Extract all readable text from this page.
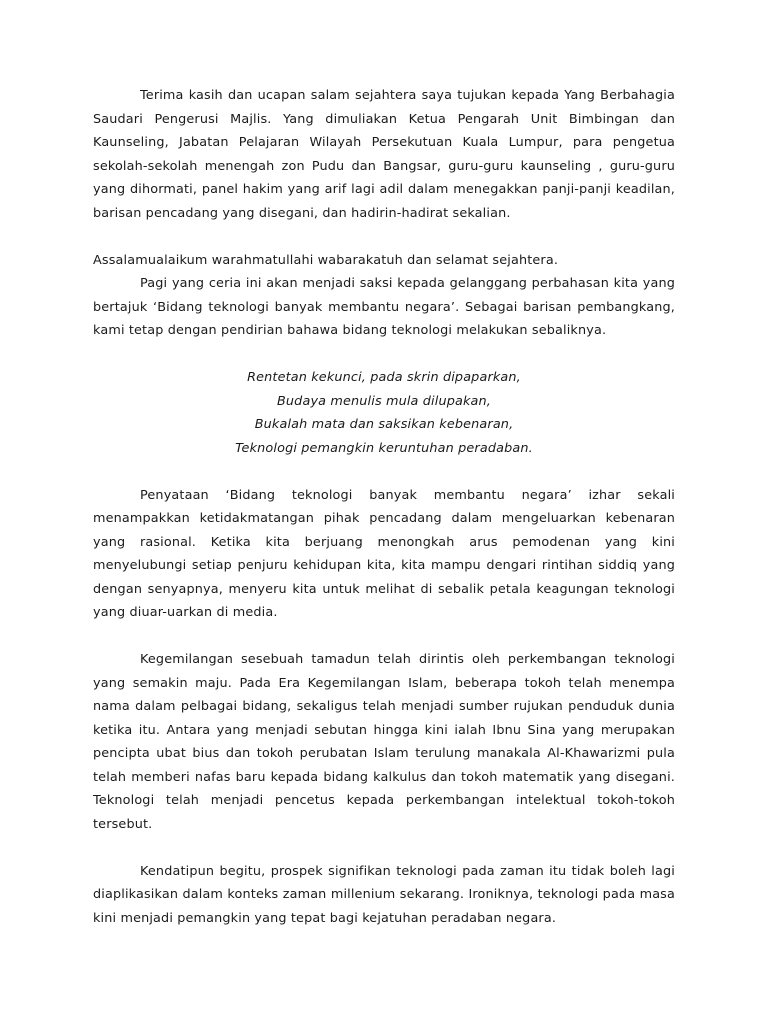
Terima kasih dan ucapan salam sejahtera saya tujukan kepada Yang Berbahagia Saudari Pengerusi Majlis. Yang dimuliakan Ketua Pengarah Unit Bimbingan dan Kaunseling, Jabatan Pelajaran Wilayah Persekutuan Kuala Lumpur, para pengetua sekolah-sekolah menengah zon Pudu dan Bangsar, guru-guru kaunseling , guru-guru yang dihormati, panel hakim yang arif lagi adil dalam menegakkan panji-panji keadilan, barisan pencadang yang disegani, dan hadirin-hadirat sekalian.

Assalamualaikum warahmatullahi wabarakatuh dan selamat sejahtera.

Pagi yang ceria ini akan menjadi saksi kepada gelanggang perbahasan kita yang bertajuk ‘Bidang teknologi banyak membantu negara’. Sebagai barisan pembangkang, kami tetap dengan pendirian bahawa bidang teknologi melakukan sebaliknya.

Rentetan kekunci, pada skrin dipaparkan,
Budaya menulis mula dilupakan,
Bukalah mata dan saksikan kebenaran,
Teknologi pemangkin keruntuhan peradaban.

Penyataan ‘Bidang teknologi banyak membantu negara’ izhar sekali menampakkan ketidakmatangan pihak pencadang dalam mengeluarkan kebenaran yang rasional. Ketika kita berjuang menongkah arus pemodenan yang kini menyelubungi setiap penjuru kehidupan kita, kita mampu dengari rintihan siddiq yang dengan senyapnya, menyeru kita untuk melihat di sebalik petala keagungan teknologi yang diuar-uarkan di media.

Kegemilangan sesebuah tamadun telah dirintis oleh perkembangan teknologi yang semakin maju. Pada Era Kegemilangan Islam, beberapa tokoh telah menempa nama dalam pelbagai bidang, sekaligus telah menjadi sumber rujukan penduduk dunia ketika itu. Antara yang menjadi sebutan hingga kini ialah Ibnu Sina yang merupakan pencipta ubat bius dan tokoh perubatan Islam terulung manakala Al-Khawarizmi pula telah memberi nafas baru kepada bidang kalkulus dan tokoh matematik yang disegani. Teknologi telah menjadi pencetus kepada perkembangan intelektual tokoh-tokoh tersebut.

Kendatipun begitu, prospek signifikan teknologi pada zaman itu tidak boleh lagi diaplikasikan dalam konteks zaman millenium sekarang. Ironiknya, teknologi pada masa kini menjadi pemangkin yang tepat bagi kejatuhan peradaban negara.
